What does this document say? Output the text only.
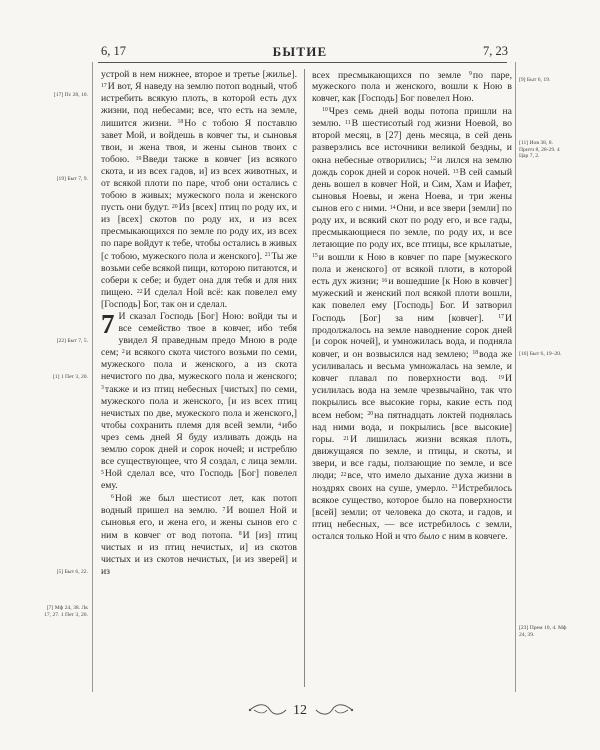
6, 17	БЫТИЕ	7, 23
[17] Пс 28, 10.
[19] Быт 7, 9.
[22] Быт 7, 5.
[1] 1 Пет 3, 20.
[5] Быт 6, 22.
[7] Мф 24, 38. Лк 17, 27. 1 Пет 3, 20.
[9] Быт 6, 19.
[11] Иов 38, 8. Притч 8, 28-29. 4 Цар 7, 2.
[16] Быт 6, 19–20.
[23] Прем 10, 4. Мф 24, 39.

устрой в нем нижнее, второе и третье [жилье]. $^{17}$И вот, Я наведу на землю потоп водный, чтоб истребить всякую плоть, в которой есть дух жизни, под небесами; все, что есть на земле, лишится жизни. $^{18}$Но с тобою Я поставлю завет Мой, и войдешь в ковчег ты, и сыновья твои, и жена твоя, и жены сынов твоих с тобою. $^{19}$Введи также в ковчег [из всякого скота, и из всех гадов, и] из всех животных, и от всякой плоти по паре, чтоб они остались с тобою в живых; мужеского пола и женского пусть они будут. $^{20}$Из [всех] птиц по роду их, и из [всех] скотов по роду их, и из всех пресмыкающихся по земле по роду их, из всех по паре войдут к тебе, чтобы остались в живых [с тобою, мужеского пола и женского]. $^{21}$Ты же возьми себе всякой пищи, которою питаются, и собери к себе; и будет она для тебя и для них пищею. $^{22}$И сделал Ной всё: как повелел ему [Господь] Бог, так он и сделал.

7 И сказал Господь [Бог] Ною: войди ты и все семейство твое в ковчег, ибо тебя увидел Я праведным предо Мною в роде сем; $^2$и всякого скота чистого возьми по семи, мужеского пола и женского, а из скота нечистого по два, мужеского пола и женского; $^3$также и из птиц небесных [чистых] по семи, мужеского пола и женского, [и из всех птиц нечистых по две, мужеского пола и женского,] чтобы сохранить племя для всей земли, $^4$ибо чрез семь дней Я буду изливать дождь на землю сорок дней и сорок ночей; и истреблю все существующее, что Я создал, с лица земли. $^5$Ной сделал все, что Господь [Бог] повелел ему.

$^6$Ной же был шестисот лет, как потоп водный пришел на землю. $^7$И вошел Ной и сыновья его, и жена его, и жены сынов его с ним в ковчег от вод потопа. $^8$И [из] птиц чистых и из птиц нечистых, и] из скотов чистых и из скотов нечистых, [и из зверей] и из

всех пресмыкающихся по земле $^9$по паре, мужеского пола и женского, вошли к Ною в ковчег, как [Господь] Бог повелел Ною.

$^{10}$Чрез семь дней воды потопа пришли на землю. $^{11}$В шестисотый год жизни Ноевой, во второй месяц, в [27] день месяца, в сей день разверзлись все источники великой бездны, и окна небесные отворились; $^{12}$и лился на землю дождь сорок дней и сорок ночей. $^{13}$В сей самый день вошел в ковчег Ной, и Сим, Хам и Иафет, сыновья Ноевы, и жена Ноева, и три жены сынов его с ними. $^{14}$Они, и все звери [земли] по роду их, и всякий скот по роду его, и все гады, пресмыкающиеся по земле, по роду их, и все летающие по роду их, все птицы, все крылатые, $^{15}$и вошли к Ною в ковчег по паре [мужеского пола и женского] от всякой плоти, в которой есть дух жизни; $^{16}$и вошедшие [к Ною в ковчег] мужеский и женский пол всякой плоти вошли, как повелел ему [Господь] Бог. И затворил Господь [Бог] за ним [ковчег]. $^{17}$И продолжалось на земле наводнение сорок дней [и сорок ночей], и умножилась вода, и подняла ковчег, и он возвысился над землею; $^{18}$вода же усиливалась и весьма умножалась на земле, и ковчег плавал по поверхности вод. $^{19}$И усилилась вода на земле чрезвычайно, так что покрылись все высокие горы, какие есть под всем небом; $^{20}$на пятнадцать локтей поднялась над ними вода, и покрылись [все высокие] горы. $^{21}$И лишилась жизни всякая плоть, движущаяся по земле, и птицы, и скоты, и звери, и все гады, ползающие по земле, и все люди; $^{22}$все, что имело дыхание духа жизни в ноздрях своих на суше, умерло. $^{23}$Истребилось всякое существо, которое было на поверхности [всей] земли; от человека до скота, и гадов, и птиц небесных, — все истребилось с земли, остался только Ной и что было с ним в ковчеге.

12
